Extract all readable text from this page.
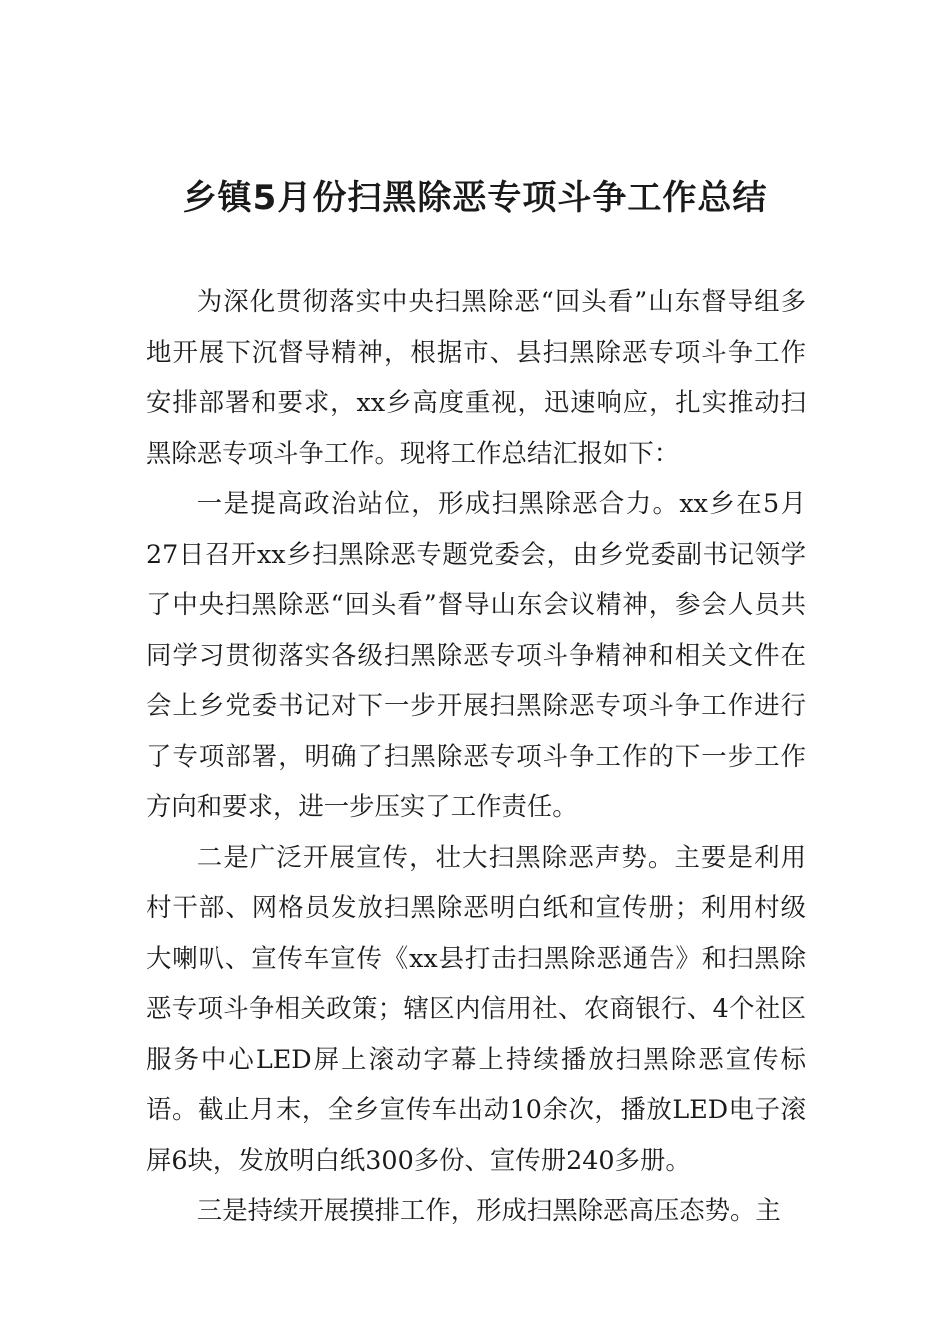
乡镇5月份扫黑除恶专项斗争工作总结

为深化贯彻落实中央扫黑除恶“回头看”山东督导组多地开展下沉督导精神，根据市、县扫黑除恶专项斗争工作安排部署和要求，xx乡高度重视，迅速响应，扎实推动扫黑除恶专项斗争工作。现将工作总结汇报如下：

一是提高政治站位，形成扫黑除恶合力。xx乡在5月27日召开xx乡扫黑除恶专题党委会，由乡党委副书记领学了中央扫黑除恶“回头看”督导山东会议精神，参会人员共同学习贯彻落实各级扫黑除恶专项斗争精神和相关文件在会上乡党委书记对下一步开展扫黑除恶专项斗争工作进行了专项部署，明确了扫黑除恶专项斗争工作的下一步工作方向和要求，进一步压实了工作责任。

二是广泛开展宣传，壮大扫黑除恶声势。主要是利用村干部、网格员发放扫黑除恶明白纸和宣传册；利用村级大喇叭、宣传车宣传《xx县打击扫黑除恶通告》和扫黑除恶专项斗争相关政策；辖区内信用社、农商银行、4个社区服务中心LED屏上滚动字幕上持续播放扫黑除恶宣传标语。截止月末，全乡宣传车出动10余次，播放LED电子滚屏6块，发放明白纸300多份、宣传册240多册。

三是持续开展摸排工作，形成扫黑除恶高压态势。主
